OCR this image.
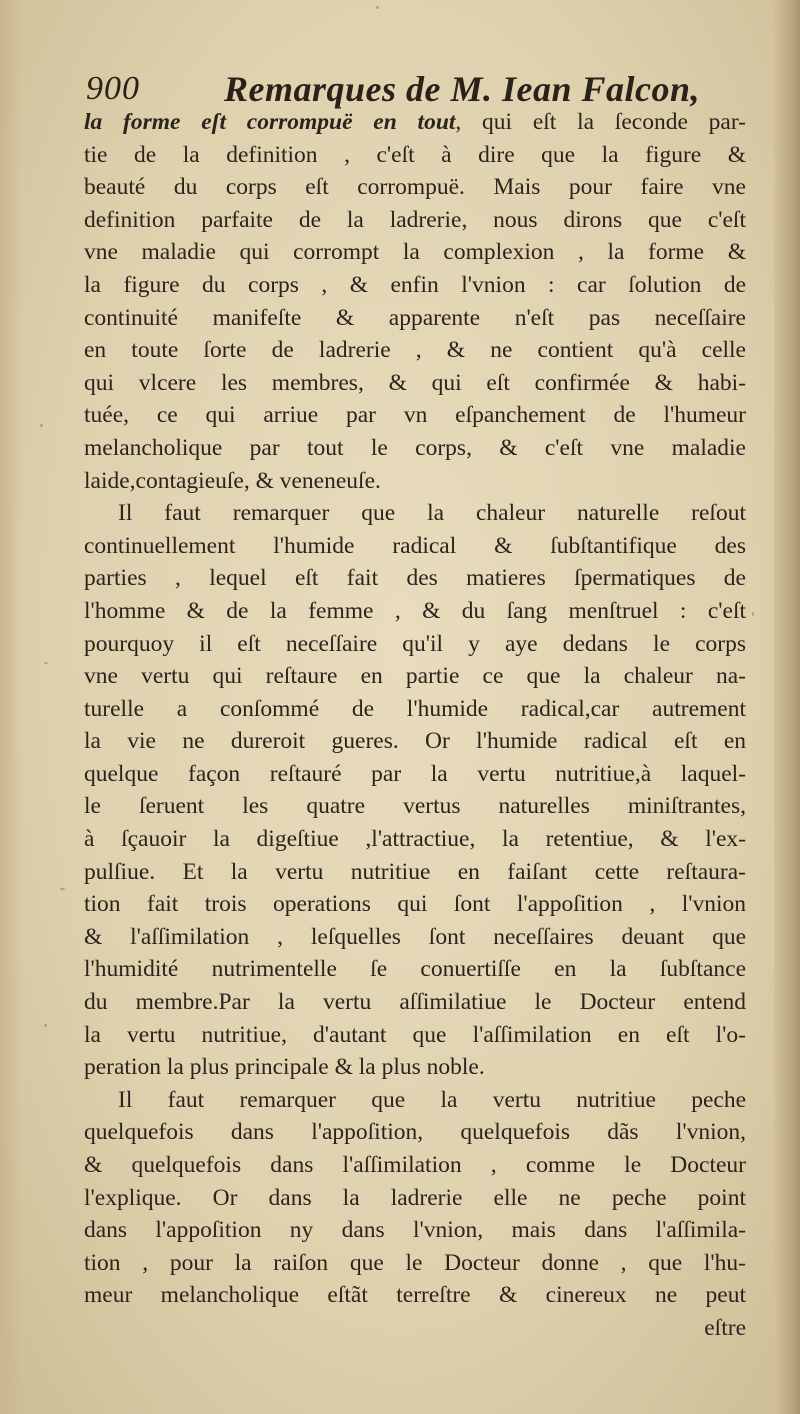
900 Remarques de M. Iean Falcon,
la forme eſt corrompuë en tout, qui eſt la ſeconde par-
tie de la definition , c'eſt à dire que la figure &
beauté du corps eſt corrompuë. Mais pour faire vne
definition parfaite de la ladrerie, nous dirons que c'eſt
vne maladie qui corrompt la complexion , la forme &
la figure du corps , & enfin l'vnion : car ſolution de
continuité manifeſte & apparente n'eſt pas neceſſaire
en toute ſorte de ladrerie , & ne contient qu'à celle
qui vlcere les membres, & qui eſt confirmée & habi-
tuée, ce qui arriue par vn eſpanchement de l'humeur
melancholique par tout le corps, & c'eſt vne maladie
laide,contagieuſe, & veneneuſe.
Il faut remarquer que la chaleur naturelle reſout
continuellement l'humide radical & ſubſtantifique des
parties , lequel eſt fait des matieres ſpermatiques de
l'homme & de la femme , & du ſang menſtruel : c'eſt
pourquoy il eſt neceſſaire qu'il y aye dedans le corps
vne vertu qui reſtaure en partie ce que la chaleur na-
turelle a conſommé de l'humide radical,car autrement
la vie ne dureroit gueres. Or l'humide radical eſt en
quelque façon reſtauré par la vertu nutritiue,à laquel-
le ſeruent les quatre vertus naturelles miniſtrantes,
à ſçauoir la digeſtiue ,l'attractiue, la retentiue, & l'ex-
pulſiue. Et la vertu nutritiue en faiſant cette reſtaura-
tion fait trois operations qui ſont l'appoſition , l'vnion
& l'aſſimilation , leſquelles ſont neceſſaires deuant que
l'humidité nutrimentelle ſe conuertiſſe en la ſubſtance
du membre.Par la vertu aſſimilatiue le Docteur entend
la vertu nutritiue, d'autant que l'aſſimilation en eſt l'o-
peration la plus principale & la plus noble.
Il faut remarquer que la vertu nutritiue peche
quelquefois dans l'appoſition, quelquefois dãs l'vnion,
& quelquefois dans l'aſſimilation , comme le Docteur
l'explique. Or dans la ladrerie elle ne peche point
dans l'appoſition ny dans l'vnion, mais dans l'aſſimila-
tion , pour la raiſon que le Docteur donne , que l'hu-
meur melancholique eſtãt terreſtre & cinereux ne peut
eſtre
